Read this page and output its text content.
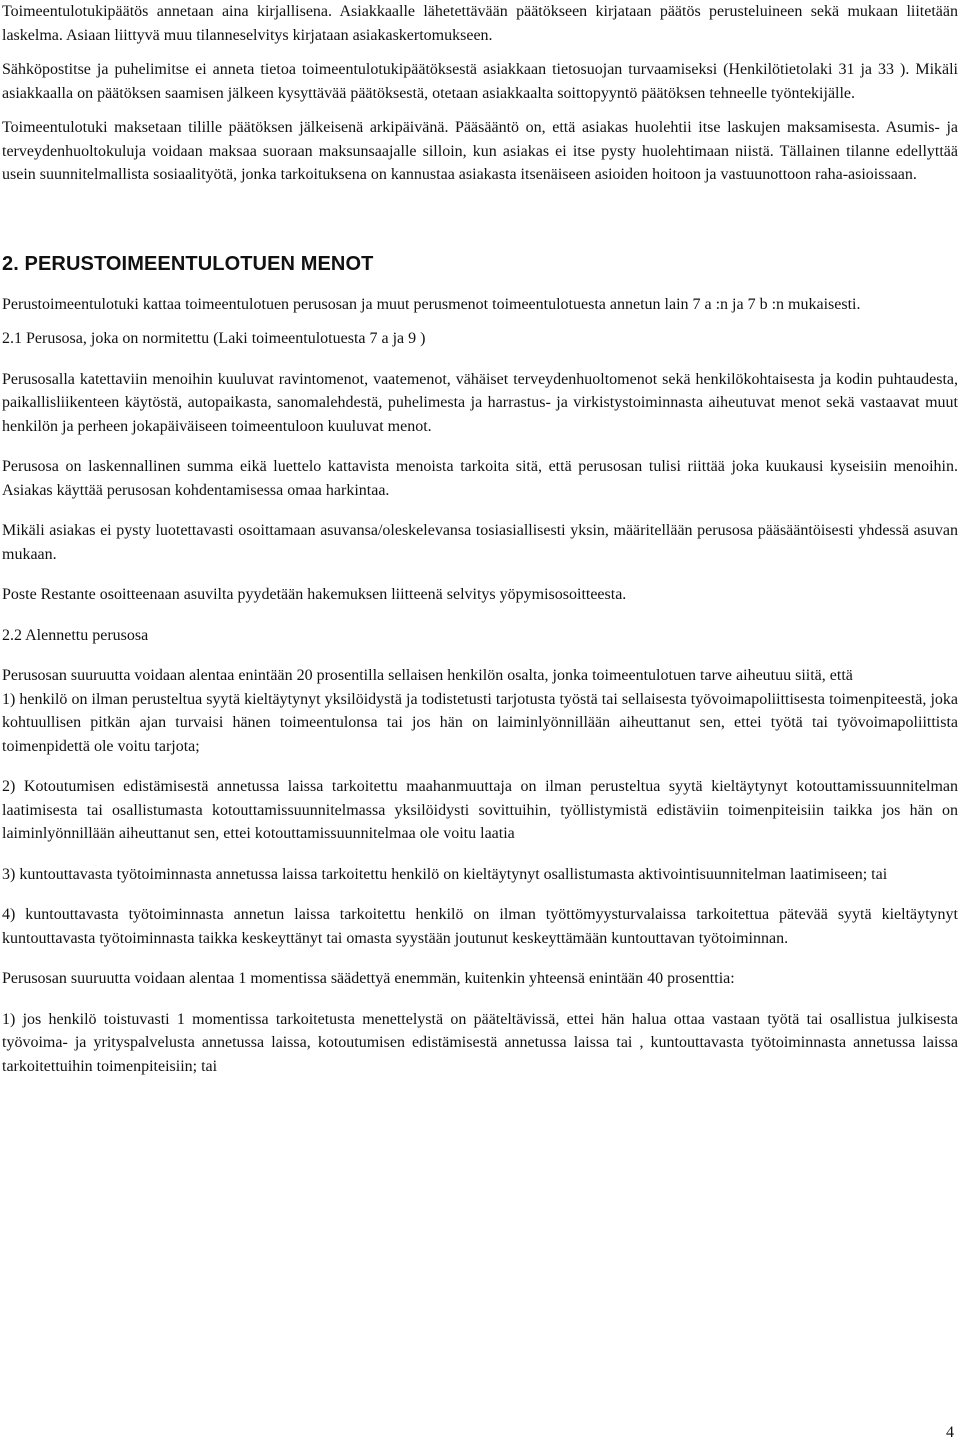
Toimeentulotukipäätös annetaan aina kirjallisena. Asiakkaalle lähetettävään päätökseen kirjataan päätös perusteluineen sekä mukaan liitetään laskelma. Asiaan liittyvä muu tilanneselvitys kirjataan asiakaskertomukseen.

Sähköpostitse ja puhelimitse ei anneta tietoa toimeentulotukipäätöksestä asiakkaan tietosuojan turvaamiseksi (Henkilötietolaki 31 ja 33 ). Mikäli asiakkaalla on päätöksen saamisen jälkeen kysyttävää päätöksestä, otetaan asiakkaalta soittopyyntö päätöksen tehneelle työntekijälle.

Toimeentulotuki maksetaan tilille päätöksen jälkeisenä arkipäivänä. Pääsääntö on, että asiakas huolehtii itse laskujen maksamisesta. Asumis- ja terveydenhuoltokuluja voidaan maksaa suoraan maksunsaajalle silloin, kun asiakas ei itse pysty huolehtimaan niistä. Tällainen tilanne edellyttää usein suunnitelmallista sosiaalityötä, jonka tarkoituksena on kannustaa asiakasta itsenäiseen asioiden hoitoon ja vastuunottoon raha-asioissaan.

2. PERUSTOIMEENTULOTUEN MENOT

Perustoimeentulotuki kattaa toimeentulotuen perusosan ja muut perusmenot toimeentulotuesta annetun lain 7 a :n ja 7 b :n mukaisesti.

2.1 Perusosa, joka on normitettu (Laki toimeentulotuesta 7 a ja 9 )

Perusosalla katettaviin menoihin kuuluvat ravintomenot, vaatemenot, vähäiset terveydenhuoltomenot sekä henkilökohtaisesta ja kodin puhtaudesta, paikallisliikenteen käytöstä, autopaikasta, sanomalehdestä, puhelimesta ja harrastus- ja virkistystoiminnasta aiheutuvat menot sekä vastaavat muut henkilön ja perheen jokapäiväiseen toimeentuloon kuuluvat menot.

Perusosa on laskennallinen summa eikä luettelo kattavista menoista tarkoita sitä, että perusosan tulisi riittää joka kuukausi kyseisiin menoihin. Asiakas käyttää perusosan kohdentamisessa omaa harkintaa.

Mikäli asiakas ei pysty luotettavasti osoittamaan asuvansa/oleskelevansa tosiasiallisesti yksin, määritellään perusosa pääsääntöisesti yhdessä asuvan mukaan.

Poste Restante osoitteenaan asuvilta pyydetään hakemuksen liitteenä selvitys yöpymisosoitteesta.

2.2 Alennettu perusosa

Perusosan suuruutta voidaan alentaa enintään 20 prosentilla sellaisen henkilön osalta, jonka toimeentulotuen tarve aiheutuu siitä, että

1) henkilö on ilman perusteltua syytä kieltäytynyt yksilöidystä ja todistetusti tarjotusta työstä tai sellaisesta työvoimapoliittisesta toimenpiteestä, joka kohtuullisen pitkän ajan turvaisi hänen toimeentulonsa tai jos hän on laiminlyönnillään aiheuttanut sen, ettei työtä tai työvoimapoliittista toimenpidettä ole voitu tarjota;

2) Kotoutumisen edistämisestä annetussa laissa tarkoitettu maahanmuuttaja on ilman perusteltua syytä kieltäytynyt kotouttamissuunnitelman laatimisesta tai osallistumasta kotouttamissuunnitelmassa yksilöidysti sovittuihin, työllistymistä edistäviin toimenpiteisiin taikka jos hän on laiminlyönnillään aiheuttanut sen, ettei kotouttamissuunnitelmaa ole voitu laatia

3) kuntouttavasta työtoiminnasta annetussa laissa tarkoitettu henkilö on kieltäytynyt osallistumasta aktivointisuunnitelman laatimiseen; tai

4) kuntouttavasta työtoiminnasta annetun laissa tarkoitettu henkilö on ilman työttömyysturvalaissa tarkoitettua pätevää syytä kieltäytynyt kuntouttavasta työtoiminnasta taikka keskeyttänyt tai omasta syystään joutunut keskeyttämään kuntouttavan työtoiminnan.

Perusosan suuruutta voidaan alentaa 1 momentissa säädettyä enemmän, kuitenkin yhteensä enintään 40 prosenttia:

1) jos henkilö toistuvasti 1 momentissa tarkoitetusta menettelystä on pääteltävissä, ettei hän halua ottaa vastaan työtä tai osallistua julkisesta työvoima- ja yrityspalvelusta annetussa laissa, kotoutumisen edistämisestä annetussa laissa tai , kuntouttavasta työtoiminnasta annetussa laissa tarkoitettuihin toimenpiteisiin; tai

4
